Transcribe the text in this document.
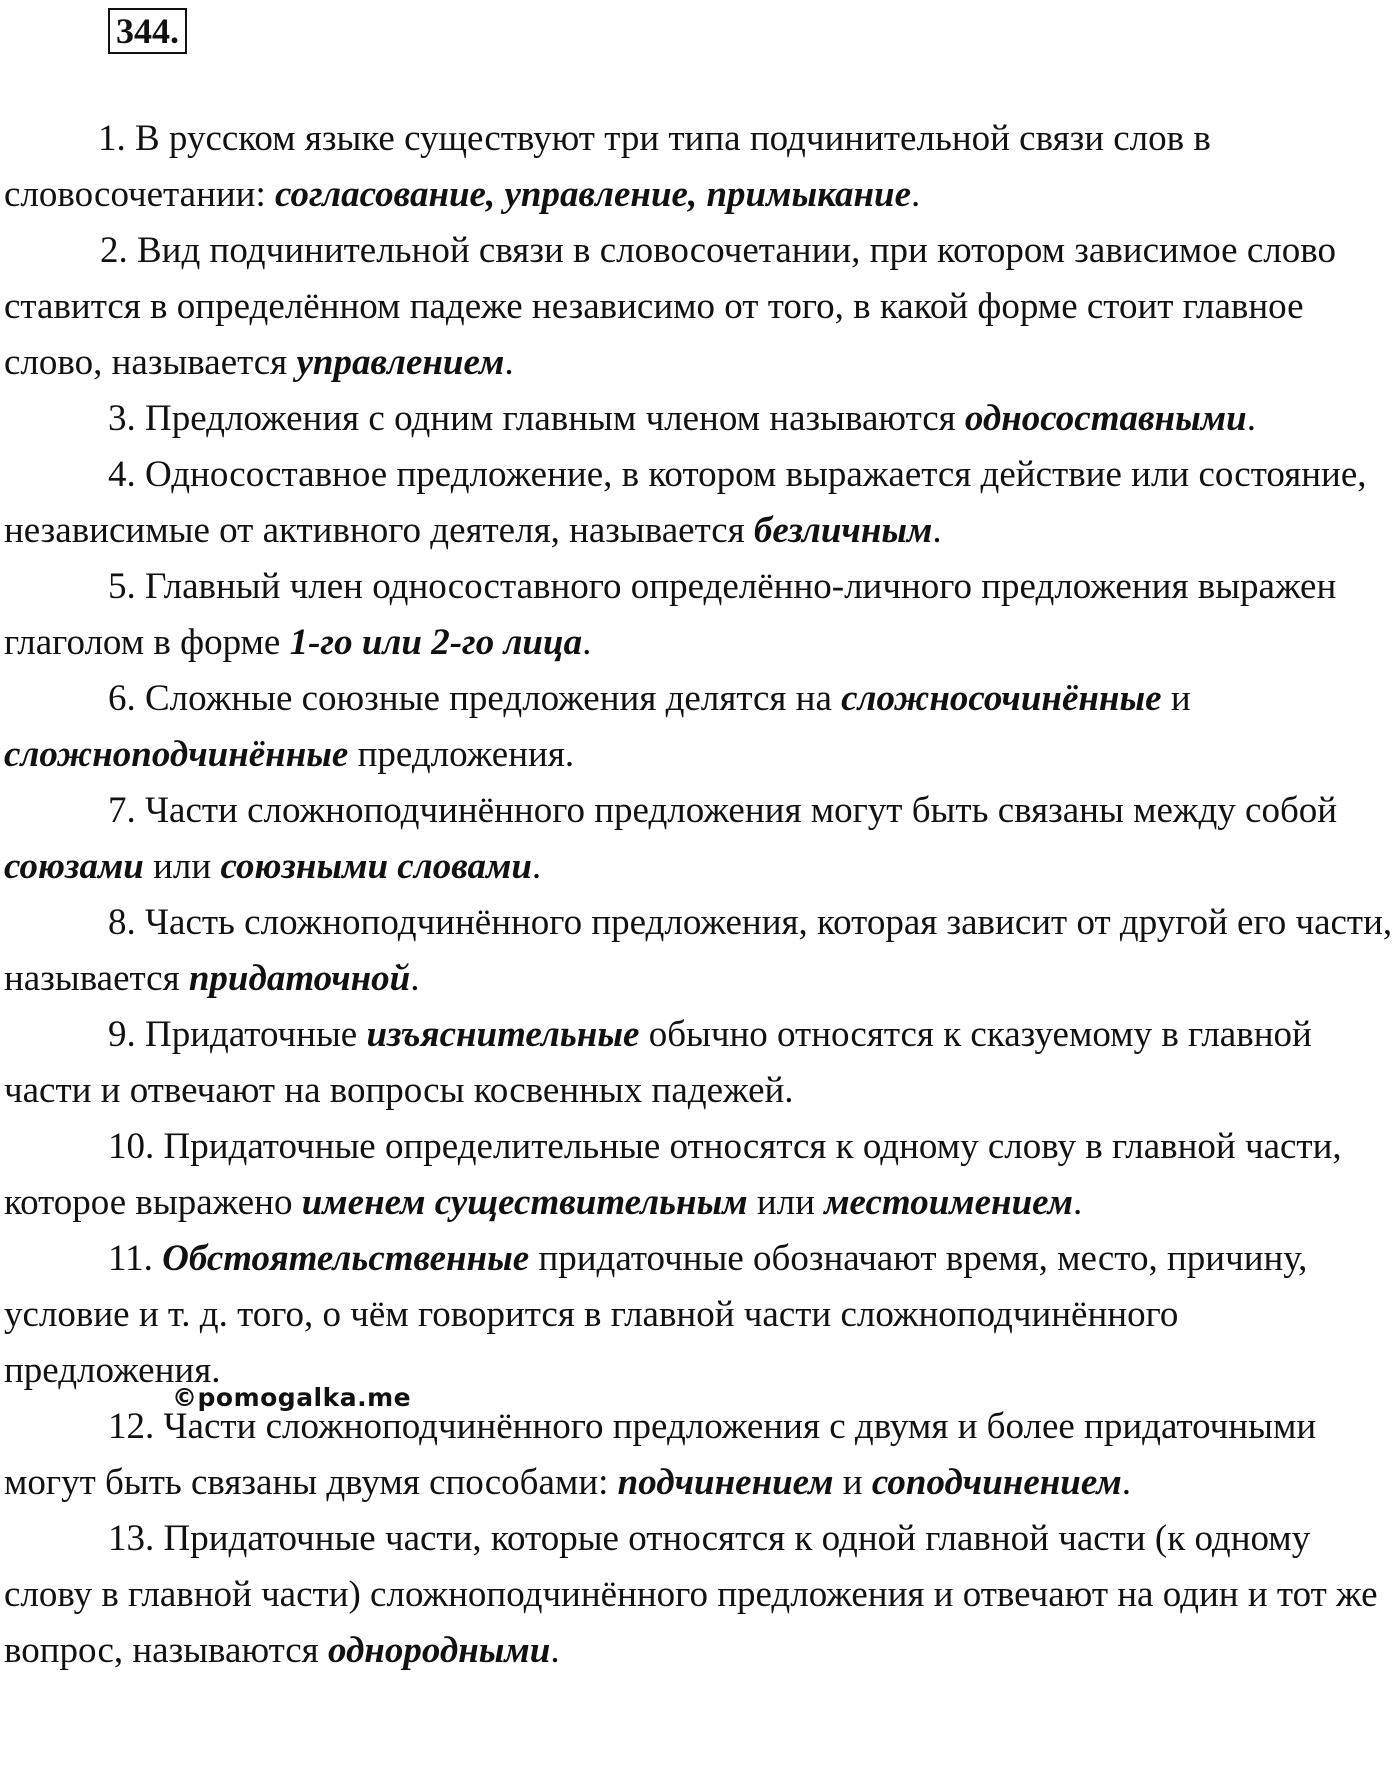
344.

1. В русском языке существуют три типа подчинительной связи слов в словосочетании: согласование, управление, примыкание.

2. Вид подчинительной связи в словосочетании, при котором зависимое слово ставится в определённом падеже независимо от того, в какой форме стоит главное слово, называется управлением.

3. Предложения с одним главным членом называются односоставными.

4. Односоставное предложение, в котором выражается действие или состояние, независимые от активного деятеля, называется безличным.

5. Главный член односоставного определённо-личного предложения выражен глаголом в форме 1-го или 2-го лица.

6. Сложные союзные предложения делятся на сложносочинённые и сложноподчинённые предложения.

7. Части сложноподчинённого предложения могут быть связаны между собой союзами или союзными словами.

8. Часть сложноподчинённого предложения, которая зависит от другой его части, называется придаточной.

9. Придаточные изъяснительные обычно относятся к сказуемому в главной части и отвечают на вопросы косвенных падежей.

10. Придаточные определительные относятся к одному слову в главной части, которое выражено именем существительным или местоимением.

11. Обстоятельственные придаточные обозначают время, место, причину, условие и т. д. того, о чём говорится в главной части сложноподчинённого предложения.

12. Части сложноподчинённого предложения с двумя и более придаточными могут быть связаны двумя способами: подчинением и соподчинением.

13. Придаточные части, которые относятся к одной главной части (к одному слову в главной части) сложноподчинённого предложения и отвечают на один и тот же вопрос, называются однородными.

©pomogalka.me
